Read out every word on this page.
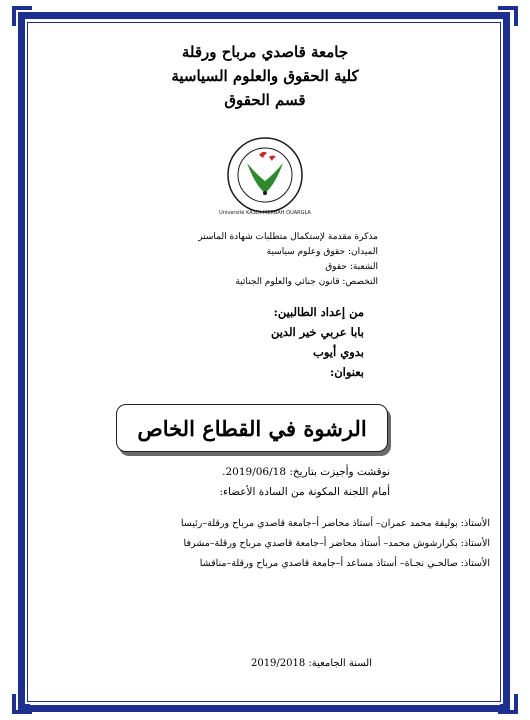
جامعة قاصدي مرباح ورقلة
كلية الحقوق والعلوم السياسية
قسم الحقوق
Université KASDI-MERBAH OUARGLA
مذكرة مقدمة لإستكمال متطلبات شهادة الماستر
الميدان: حقوق وعلوم سياسية
الشعبة: حقوق
التخصص: قانون جنائي والعلوم الجنائية
من إعداد الطالبين:
بابا عربي خير الدين
بدوي أيوب
بعنوان:
الرشوة في القطاع الخاص
نوقشت وأجيزت بتاريخ: 2019/06/18.
أمام اللجنة المكونة من السادة الأعضاء:
الأستاذ: بوليفة محمد عمران– أستاذ محاضر أ–جامعة قاصدي مرباح ورقلة–رئيسا
الأستاذ: بكرارشوش محمد– أستاذ محاضر أ–جامعة قاصدي مرباح ورقلة–مشرفا
الأستاذ: صالحـي نجـاة– أستاذ مساعد أ–جامعة قاصدي مرباح ورقلة–مناقشا
السنة الجامعية: 2019/2018
